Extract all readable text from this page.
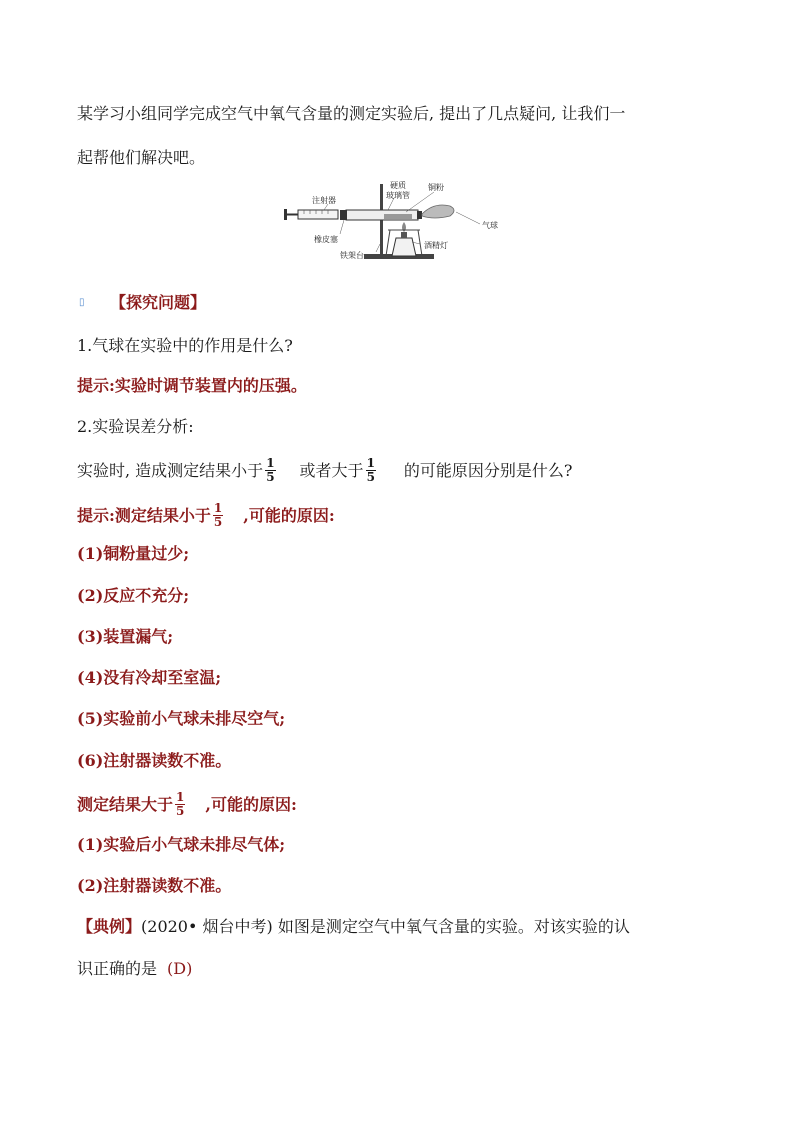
某学习小组同学完成空气中氧气含量的测定实验后, 提出了几点疑问, 让我们一
起帮他们解决吧。
注射器
硬质
玻璃管
铜粉
气球
橡皮塞
铁架台
酒精灯
▯ 【探究问题】
1.气球在实验中的作用是什么?
提示:实验时调节装置内的压强。
2.实验误差分析:
实验时, 造成测定结果小于 $\frac{1}{5}$ 或者大于 $\frac{1}{5}$ 的可能原因分别是什么?
提示:测定结果小于 $\frac{1}{5}$ ,可能的原因:
(1)铜粉量过少;
(2)反应不充分;
(3)装置漏气;
(4)没有冷却至室温;
(5)实验前小气球未排尽空气;
(6)注射器读数不准。
测定结果大于 $\frac{1}{5}$ ,可能的原因:
(1)实验后小气球未排尽气体;
(2)注射器读数不准。
【典例】(2020• 烟台中考) 如图是测定空气中氧气含量的实验。对该实验的认
识正确的是 (D)
